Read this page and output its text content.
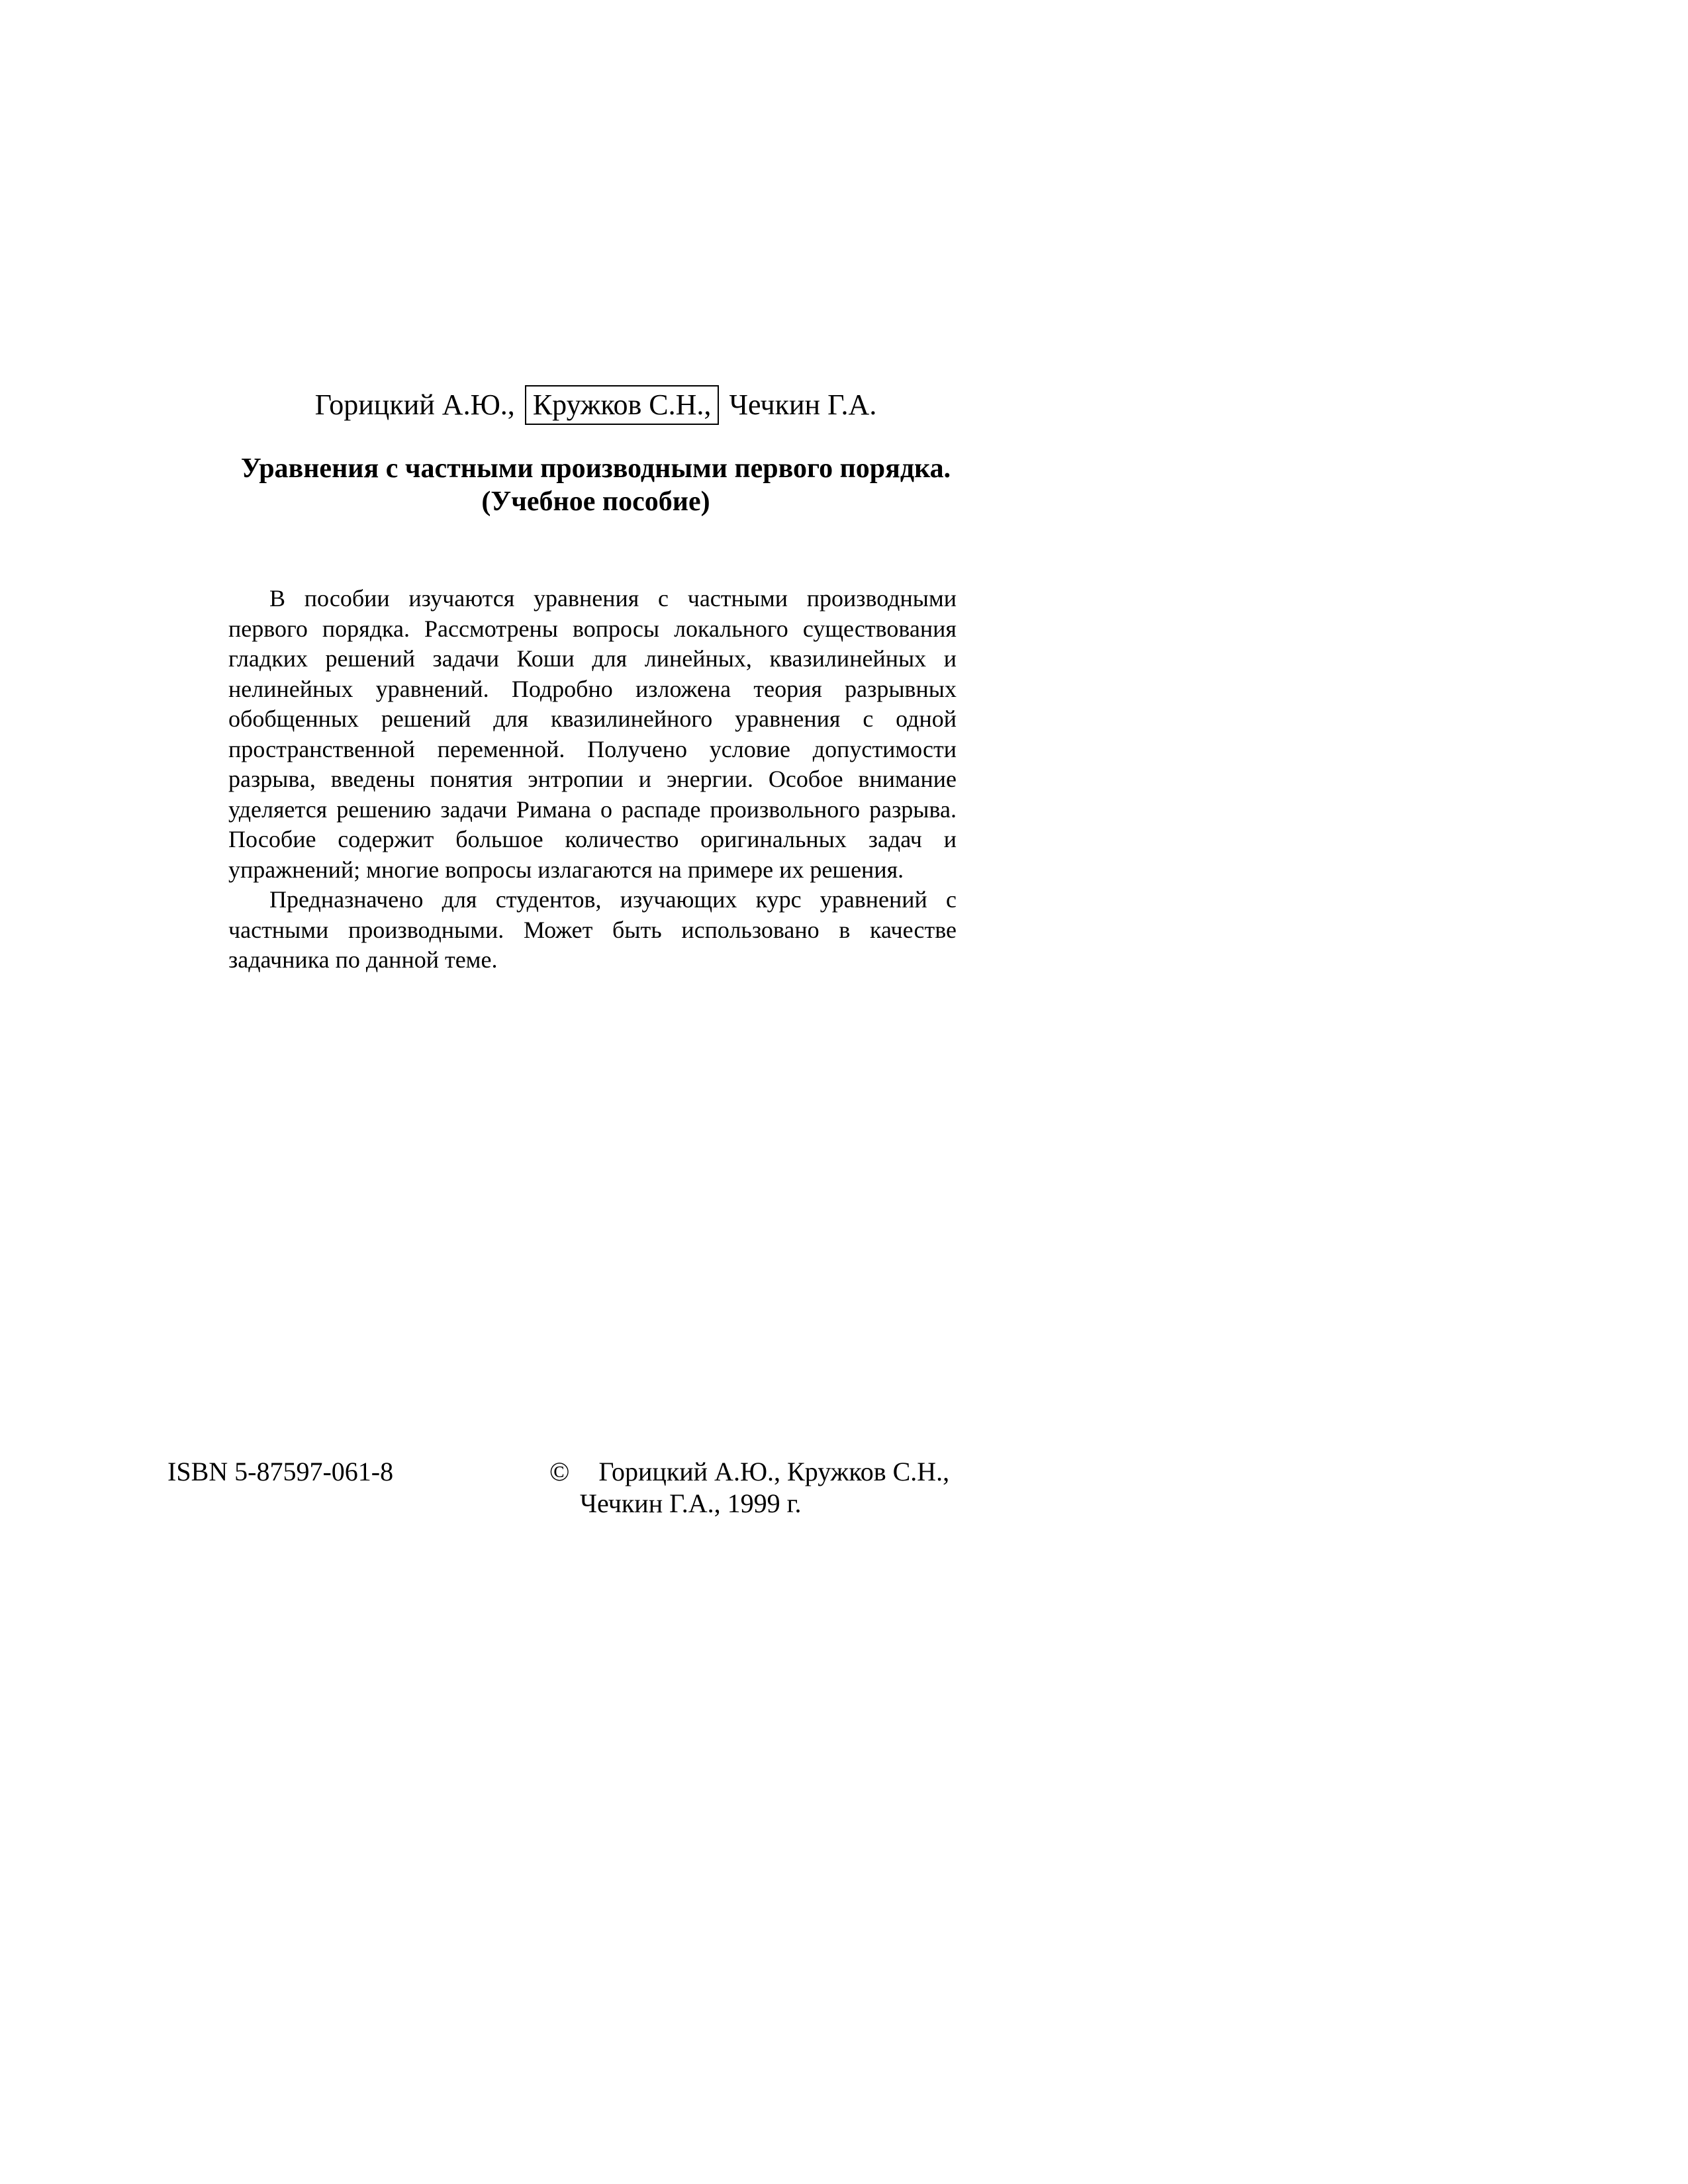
Горицкий А.Ю., Кружков С.Н., Чечкин Г.А.
Уравнения с частными производными первого порядка.
(Учебное пособие)

В пособии изучаются уравнения с частными производными первого порядка. Рассмотрены вопросы локального существования гладких решений задачи Коши для линейных, квазилинейных и нелинейных уравнений. Подробно изложена теория разрывных обобщенных решений для квазилинейного уравнения с одной пространственной переменной. Получено условие допустимости разрыва, введены понятия энтропии и энергии. Особое внимание уделяется решению задачи Римана о распаде произвольного разрыва. Пособие содержит большое количество оригинальных задач и упражнений; многие вопросы излагаются на примере их решения.

Предназначено для студентов, изучающих курс уравнений с частными производными. Может быть использовано в качестве задачника по данной теме.

ISBN 5-87597-061-8	© Горицкий А.Ю., Кружков С.Н.,
Чечкин Г.А., 1999 г.
